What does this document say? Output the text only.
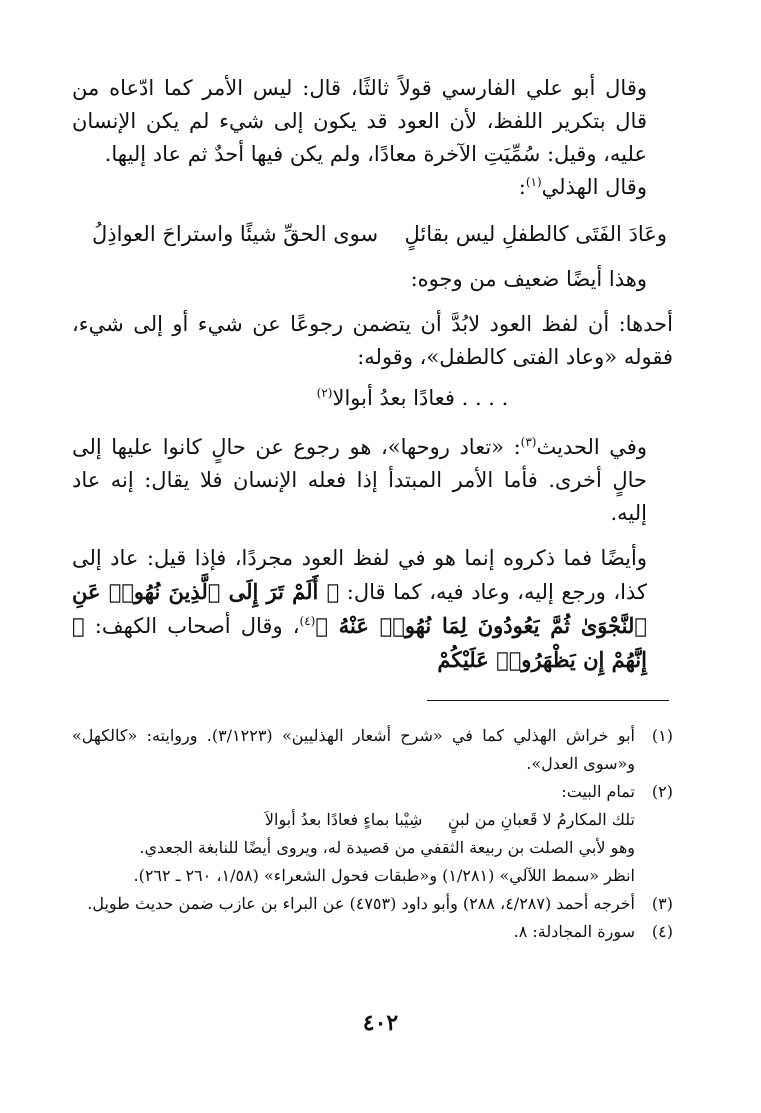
وقال أبو علي الفارسي قولاً ثالثًا، قال: ليس الأمر كما ادّعاه من قال بتكرير اللفظ، لأن العود قد يكون إلى شيء لم يكن الإنسان عليه، وقيل: سُمِّيَتِ الآخرة معادًا، ولم يكن فيها أحدٌ ثم عاد إليها.

وقال الهذلي$^{(١)}$:

وعَادَ الفَتَى كالطفلِ ليس بقائلٍ
سوى الحقِّ شيئًا واستراحَ العواذِلُ

وهذا أيضًا ضعيف من وجوه:

أحدها: أن لفظ العود لابُدَّ أن يتضمن رجوعًا عن شيء أو إلى شيء، فقوله «وعاد الفتى كالطفل»، وقوله:

. . . . فعادًا بعدُ أبوالا$^{(٢)}$

وفي الحديث$^{(٣)}$: «تعاد روحها»، هو رجوع عن حالٍ كانوا عليها إلى حالٍ أخرى. فأما الأمر المبتدأ إذا فعله الإنسان فلا يقال: إنه عاد إليه.

وأيضًا فما ذكروه إنما هو في لفظ العود مجردًا، فإذا قيل: عاد إلى كذا، ورجع إليه، وعاد فيه، كما قال: ﴿ أَلَمْ تَرَ إِلَى ٱلَّذِينَ نُهُوا۟ عَنِ ٱلنَّجْوَىٰ ثُمَّ يَعُودُونَ لِمَا نُهُوا۟ عَنْهُ ﴾$^{(٤)}$، وقال أصحاب الكهف: ﴿ إِنَّهُمْ إِن يَظْهَرُوا۟ عَلَيْكُمْ

(١)
أبو خراش الهذلي كما في «شرح أشعار الهذليين» (٣/١٢٢٣). وروايته: «كالكهل» و«سوى العدل».
(٢)
تمام البيت:
تلك المكارمُ لا قَعبانِ من لبنٍ     شِيْبا بماءٍ فعادًا بعدُ أبوالاَ
وهو لأبي الصلت بن ربيعة الثقفي من قصيدة له، ويروى أيضًا للنابغة الجعدي.
انظر «سمط اللآلي» (١/٢٨١) و«طبقات فحول الشعراء» (١/٥٨، ٢٦٠ ـ ٢٦٢).
(٣)
أخرجه أحمد (٤/٢٨٧، ٢٨٨) وأبو داود (٤٧٥٣) عن البراء بن عازب ضمن حديث طويل.
(٤)
سورة المجادلة: ٨.
٤٠٢
